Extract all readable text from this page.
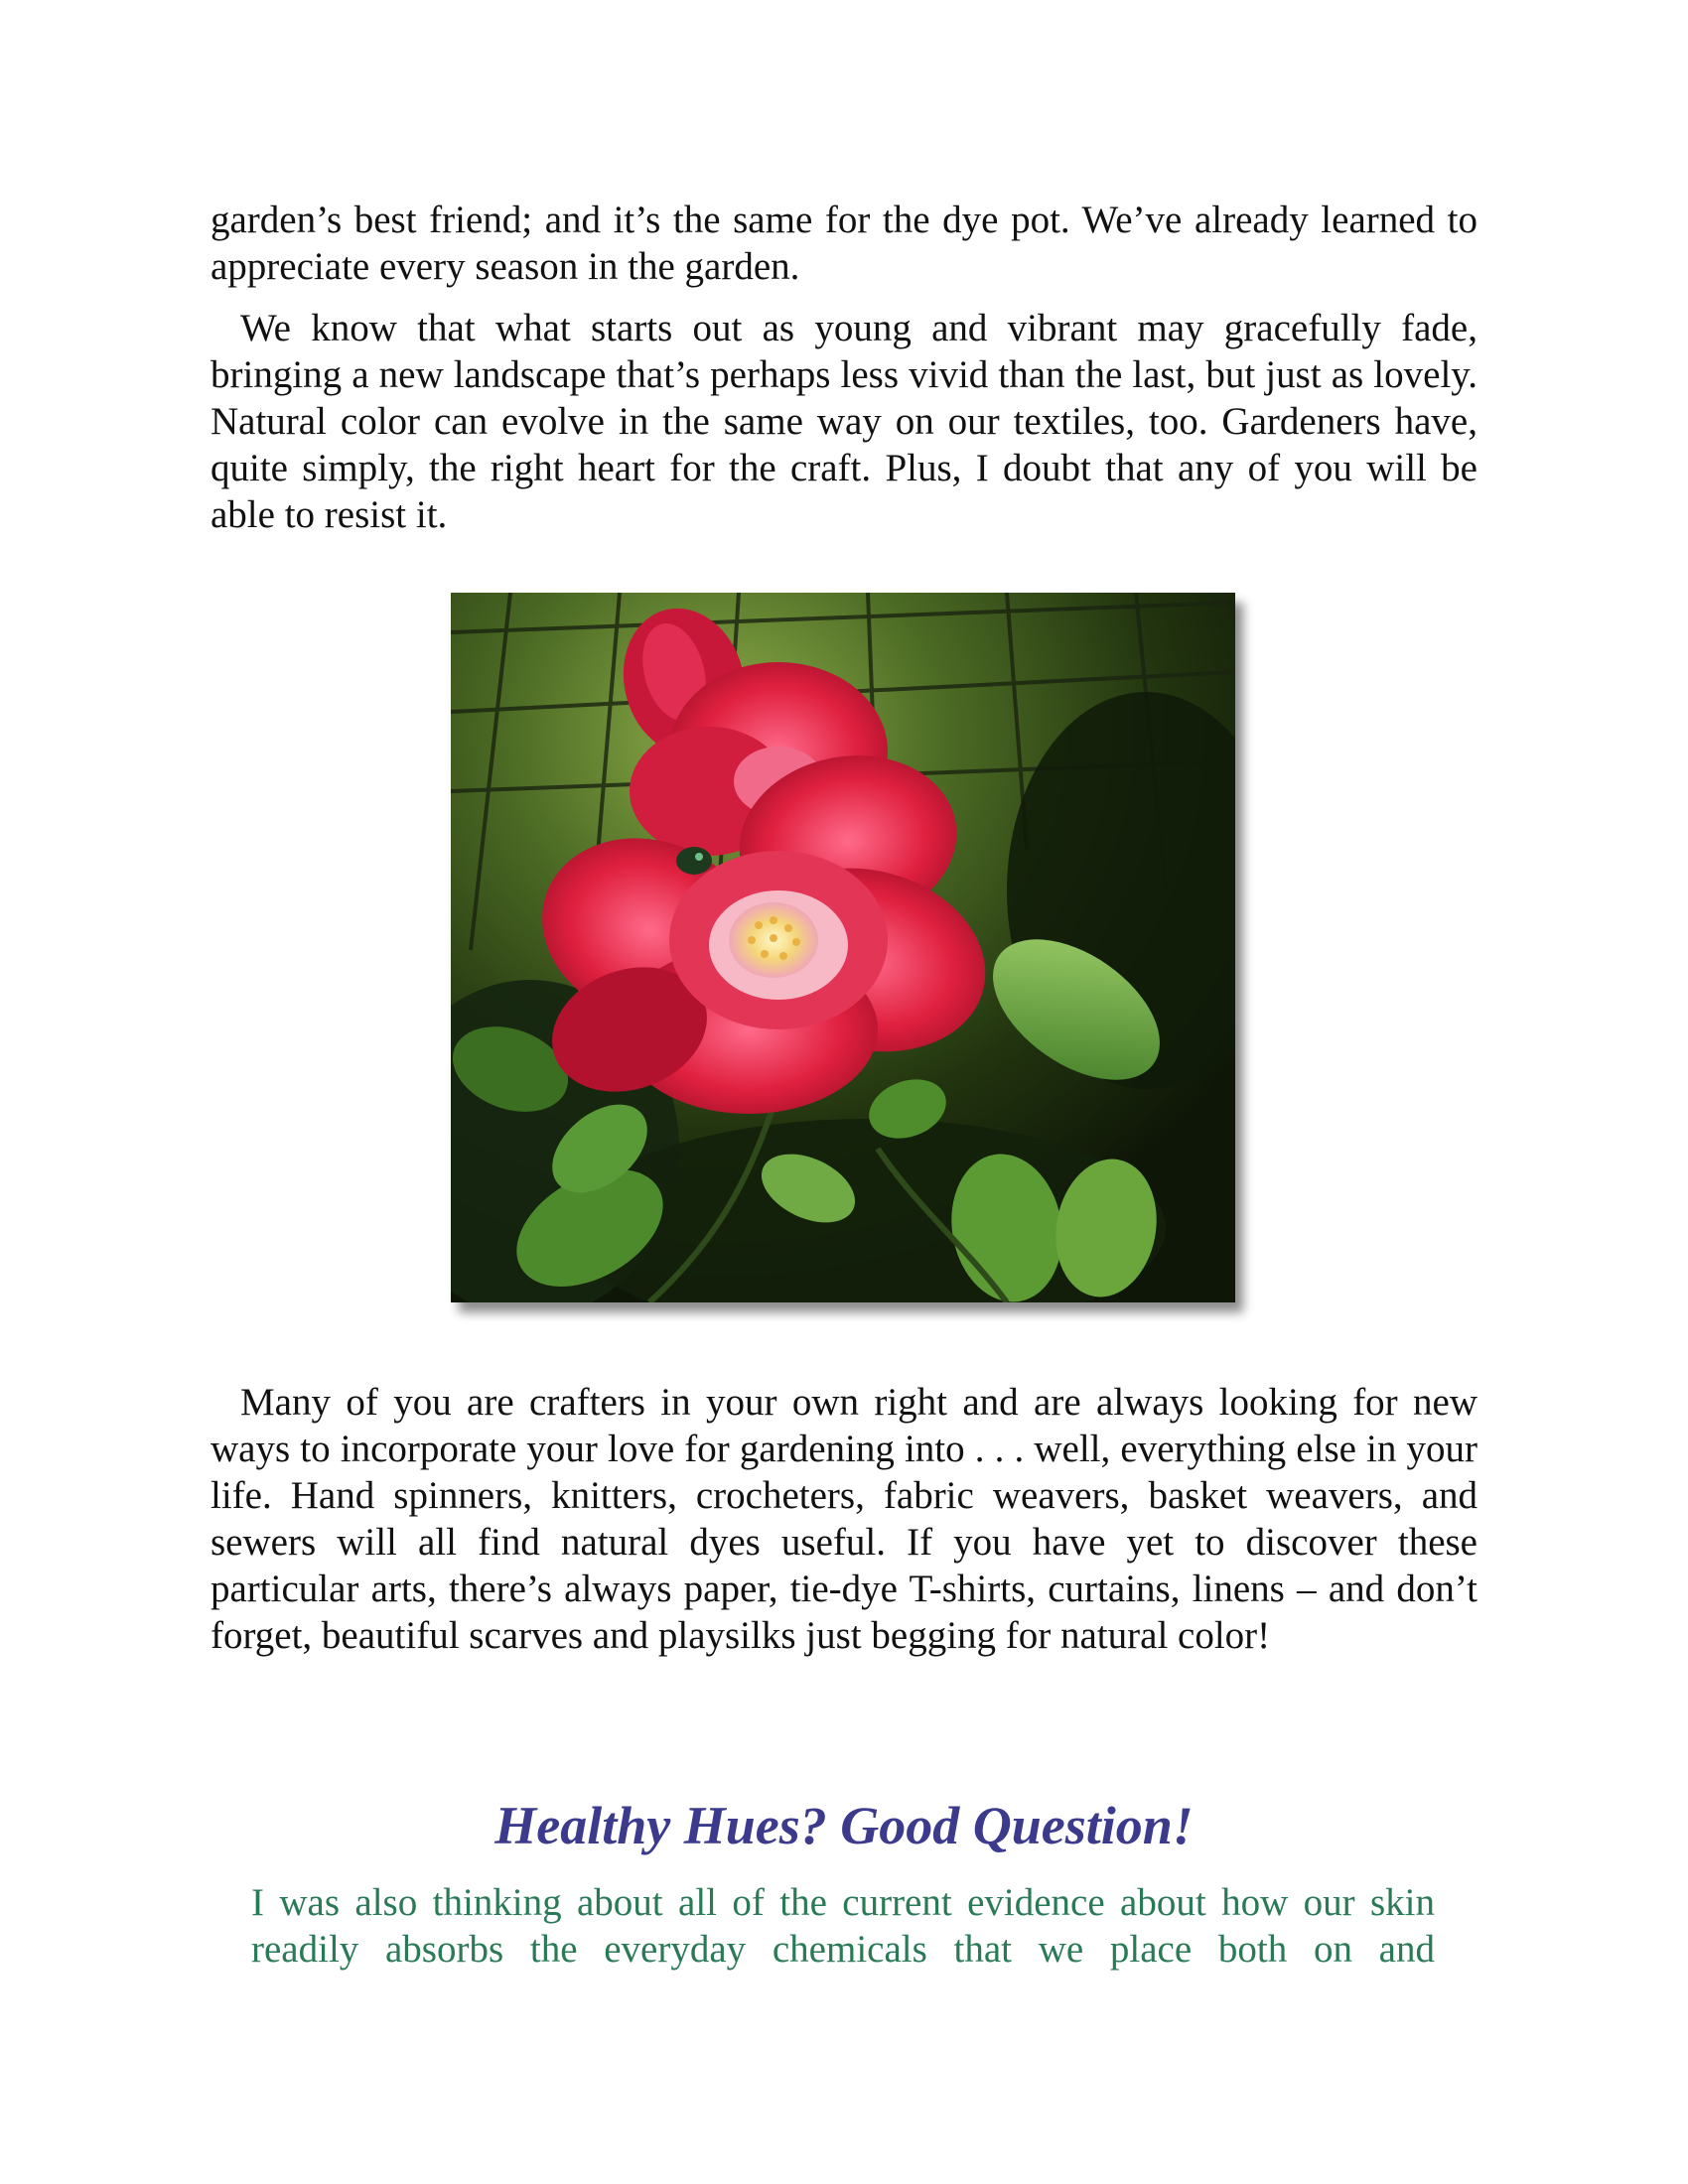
garden’s best friend; and it’s the same for the dye pot. We’ve already learned to appreciate every season in the garden.

We know that what starts out as young and vibrant may gracefully fade, bringing a new landscape that’s perhaps less vivid than the last, but just as lovely. Natural color can evolve in the same way on our textiles, too. Gardeners have, quite simply, the right heart for the craft. Plus, I doubt that any of you will be able to resist it.

Many of you are crafters in your own right and are always looking for new ways to incorporate your love for gardening into . . . well, everything else in your life. Hand spinners, knitters, crocheters, fabric weavers, basket weavers, and sewers will all find natural dyes useful. If you have yet to discover these particular arts, there’s always paper, tie-dye T-shirts, curtains, linens – and don’t forget, beautiful scarves and playsilks just begging for natural color!

Healthy Hues? Good Question!

I was also thinking about all of the current evidence about how our skin readily absorbs the everyday chemicals that we place both on and
